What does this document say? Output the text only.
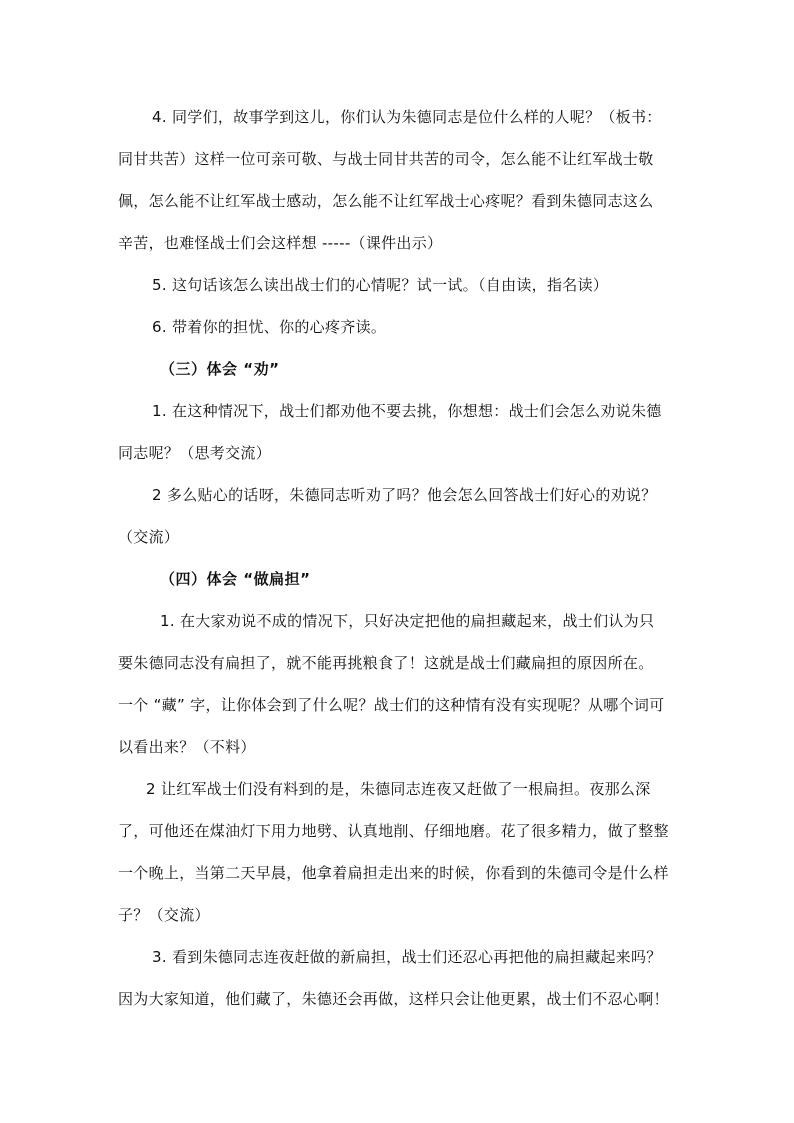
4. 同学们，故事学到这儿，你们认为朱德同志是位什么样的人呢？（板书：
同甘共苦）这样一位可亲可敬、与战士同甘共苦的司令，怎么能不让红军战士敬
佩，怎么能不让红军战士感动，怎么能不让红军战士心疼呢？看到朱德同志这么
辛苦，也难怪战士们会这样想 -----（课件出示）
5. 这句话该怎么读出战士们的心情呢？试一试。（自由读，指名读）
6. 带着你的担忧、你的心疼齐读。
（三）体会 “劝”
1. 在这种情况下，战士们都劝他不要去挑，你想想：战士们会怎么劝说朱德
同志呢？（思考交流）
2 多么贴心的话呀，朱德同志听劝了吗？他会怎么回答战士们好心的劝说？
（交流）
（四）体会 “做扁担”
1. 在大家劝说不成的情况下，只好决定把他的扁担藏起来，战士们认为只
要朱德同志没有扁担了，就不能再挑粮食了！这就是战士们藏扁担的原因所在。
一个 “藏” 字，让你体会到了什么呢？战士们的这种情有没有实现呢？从哪个词可
以看出来？（不料）
2 让红军战士们没有料到的是，朱德同志连夜又赶做了一根扁担。夜那么深
了，可他还在煤油灯下用力地劈、认真地削、仔细地磨。花了很多精力，做了整整
一个晚上，当第二天早晨，他拿着扁担走出来的时候，你看到的朱德司令是什么样
子？（交流）
3. 看到朱德同志连夜赶做的新扁担，战士们还忍心再把他的扁担藏起来吗？
因为大家知道，他们藏了，朱德还会再做，这样只会让他更累，战士们不忍心啊！
